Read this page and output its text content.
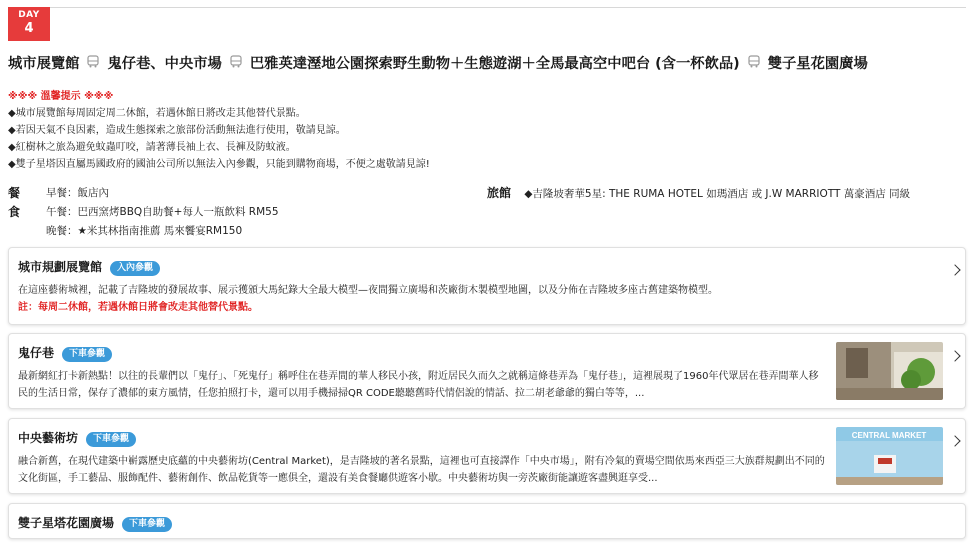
DAY
4
城市展覽館 鬼仔巷、中央市場 巴雅英達溼地公園探索野生動物＋生態遊湖＋全馬最高空中吧台 (含一杯飲品) 雙子星花園廣場
※※※ 溫馨提示 ※※※
◆城市展覽館每周固定周二休館，若遇休館日將改走其他替代景點。
◆若因天氣不良因素，造成生態探索之旅部份活動無法進行使用，敬請見諒。
◆紅樹林之旅為避免蚊蟲叮咬，請著薄長袖上衣、長褲及防蚊液。
◆雙子星塔因直屬馬國政府的國油公司所以無法入內參觀，只能到購物商場，不便之處敬請見諒!
餐食
早餐：飯店內
午餐：巴西窯烤BBQ自助餐+每人一瓶飲料 RM55
晚餐：★米其林指南推薦 馬來饗宴RM150
旅館 ◆吉隆坡奢華5星: THE RUMA HOTEL 如瑪酒店 或 J.W MARRIOTT 萬豪酒店 同級
城市規劃展覽館 入內參觀
在這座藝術城裡，記載了吉隆坡的發展故事、展示獲頒大馬紀錄大全最大模型—夜間獨立廣場和茨廠街木製模型地圖，以及分佈在吉隆坡多座古舊建築物模型。
註：每周二休館，若遇休館日將會改走其他替代景點。
鬼仔巷 下車參觀
最新網紅打卡新熱點！以往的長輩們以「鬼仔」、「死鬼仔」稱呼住在巷弄間的華人移民小孩，附近居民久而久之就稱這條巷弄為「鬼仔巷」，這裡展現了1960年代眾居在巷弄間華人移民的生活日常，保存了濃郁的東方風情，任您拍照打卡，還可以用手機掃掃QR CODE聽聽舊時代情侶說的情話、拉二胡老爺爺的獨白等等，...
中央藝術坊 下車參觀
融合新舊，在現代建築中嶄露歷史底蘊的中央藝術坊(Central Market)，是吉隆坡的著名景點，這裡也可直接譯作「中央市場」，附有冷氣的賣場空間依馬來西亞三大族群規劃出不同的文化街區，手工藝品、服飾配件、藝術創作、飲品乾貨等一應俱全，還設有美食餐廳供遊客小歇。中央藝術坊與一旁茨廠街能讓遊客盡興逛享受...
CENTRAL MARKET
雙子星塔花園廣場 下車參觀
